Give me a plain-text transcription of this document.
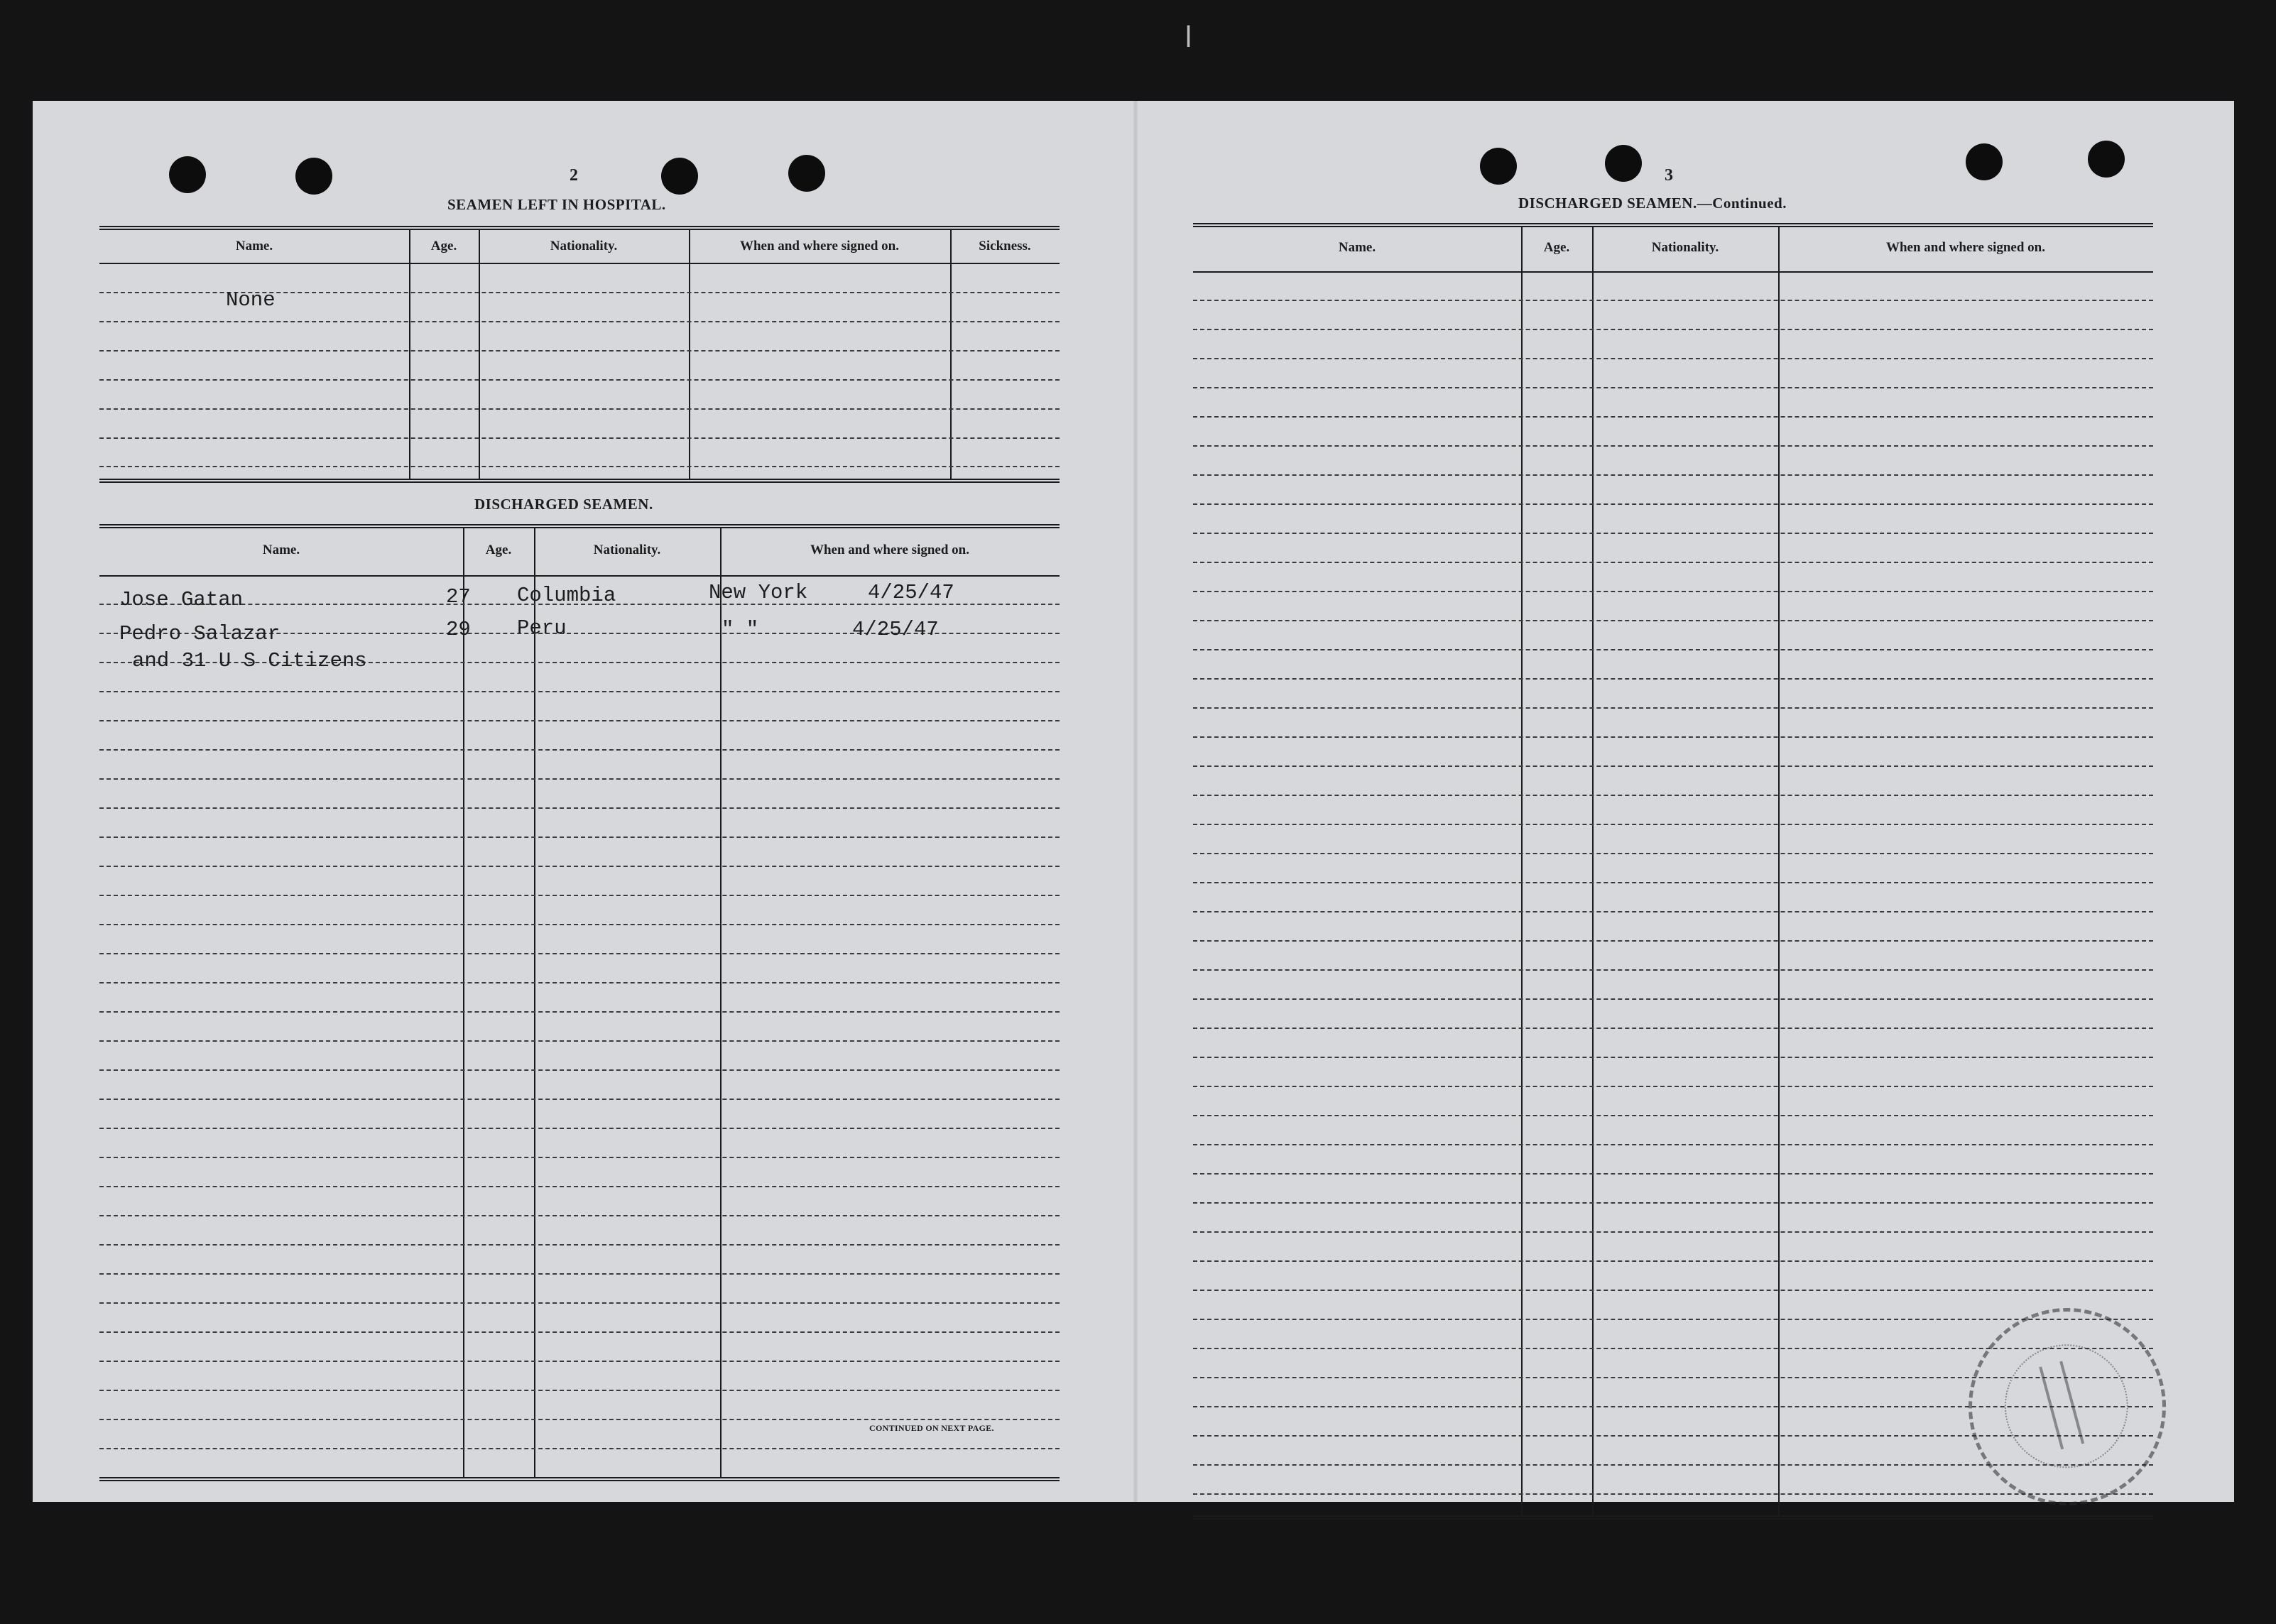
2
SEAMEN LEFT IN HOSPITAL.
Name.	Age.	Nationality.	When and where signed on.	Sickness.
None
DISCHARGED SEAMEN.
Name.	Age.	Nationality.	When and where signed on.
Jose Gatan	27 Columbia	New York	4/25/47
Pedro Salazar	29 Peru	" "	4/25/47
and 31 U S Citizens
CONTINUED ON NEXT PAGE.
3
DISCHARGED SEAMEN.—Continued.
Name.	Age.	Nationality.	When and where signed on.
ا
